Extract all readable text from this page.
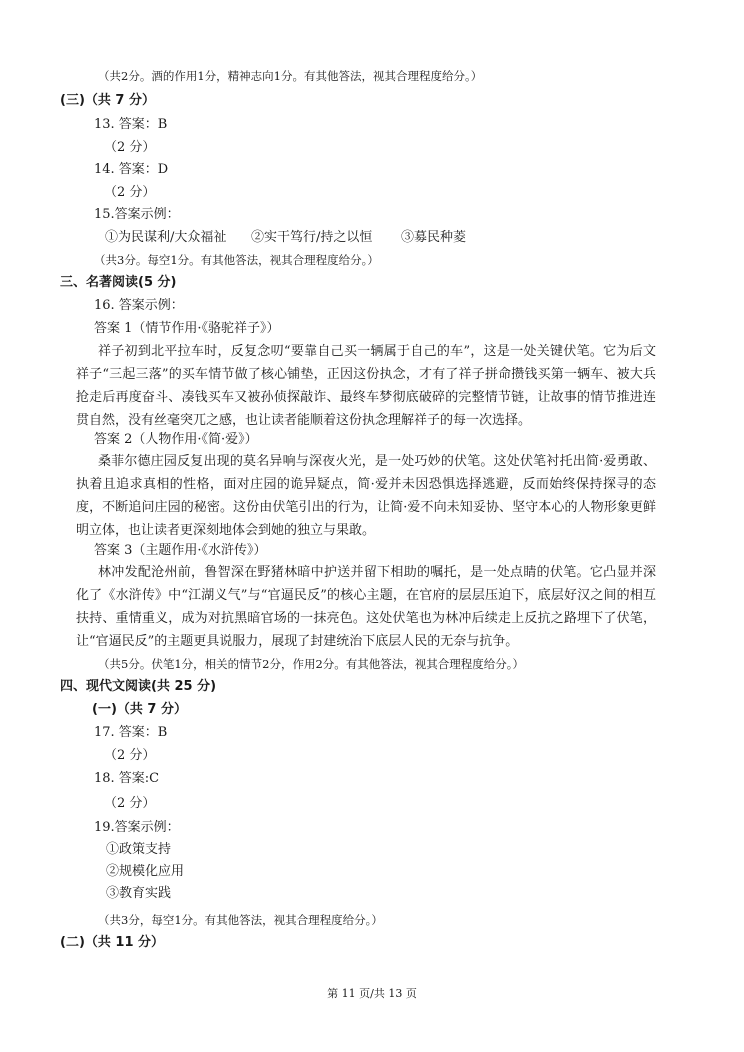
（共2分。酒的作用1分，精神志向1分。有其他答法，视其合理程度给分。）
(三)（共 7 分）
13. 答案：B
（2 分）
14. 答案：D
（2 分）
15.答案示例：
①为民谋利/大众福祉 ②实干笃行/持之以恒 ③募民种菱
（共3分。每空1分。有其他答法，视其合理程度给分。）
三、名著阅读(5 分)
16. 答案示例：
答案 1（情节作用·《骆驼祥子》）
祥子初到北平拉车时，反复念叨“要靠自己买一辆属于自己的车”，这是一处关键伏笔。它为后文祥子“三起三落”的买车情节做了核心铺垫，正因这份执念，才有了祥子拼命攒钱买第一辆车、被大兵抢走后再度奋斗、凑钱买车又被孙侦探敲诈、最终车梦彻底破碎的完整情节链，让故事的情节推进连贯自然，没有丝毫突兀之感，也让读者能顺着这份执念理解祥子的每一次选择。
答案 2（人物作用·《简·爱》）
桑菲尔德庄园反复出现的莫名异响与深夜火光，是一处巧妙的伏笔。这处伏笔衬托出简·爱勇敢、执着且追求真相的性格，面对庄园的诡异疑点，简·爱并未因恐惧选择逃避，反而始终保持探寻的态度，不断追问庄园的秘密。这份由伏笔引出的行为，让简·爱不向未知妥协、坚守本心的人物形象更鲜明立体，也让读者更深刻地体会到她的独立与果敢。
答案 3（主题作用·《水浒传》）
林冲发配沧州前，鲁智深在野猪林暗中护送并留下相助的嘱托，是一处点睛的伏笔。它凸显并深化了《水浒传》中“江湖义气”与“官逼民反”的核心主题，在官府的层层压迫下，底层好汉之间的相互扶持、重情重义，成为对抗黑暗官场的一抹亮色。这处伏笔也为林冲后续走上反抗之路埋下了伏笔，让“官逼民反”的主题更具说服力，展现了封建统治下底层人民的无奈与抗争。
（共5分。伏笔1分，相关的情节2分，作用2分。有其他答法，视其合理程度给分。）
四、现代文阅读(共 25 分)
(一)（共 7 分）
17. 答案：B
（2 分）
18. 答案:C
（2 分）
19.答案示例：
①政策支持
②规模化应用
③教育实践
（共3分，每空1分。有其他答法，视其合理程度给分。）
(二)（共 11 分）
第 11 页/共 13 页
